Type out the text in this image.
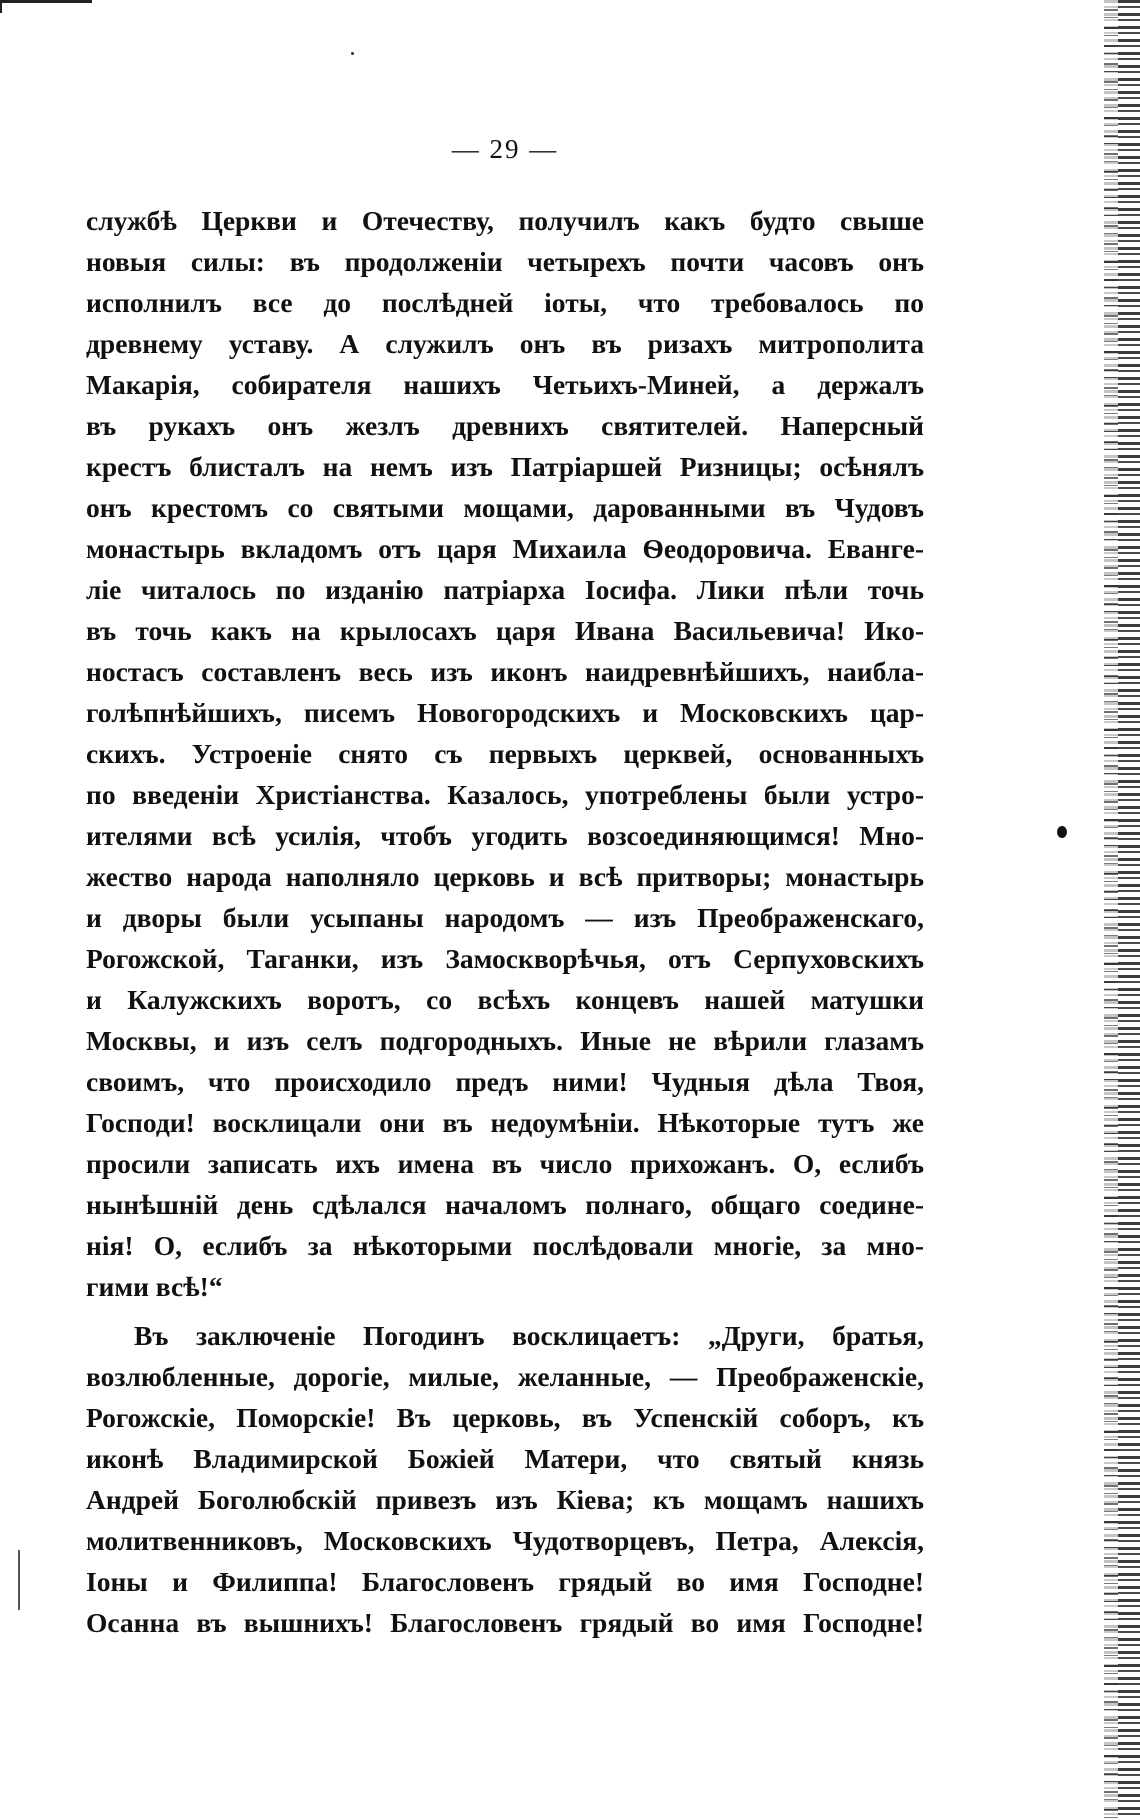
— 29 —
службѣ Церкви и Отечеству, получилъ какъ будто свыше
новыя силы: въ продолженіи четырехъ почти часовъ онъ
исполнилъ все до послѣдней іоты, что требовалось по
древнему уставу. А служилъ онъ въ ризахъ митрополита
Макарія, собирателя нашихъ Четьихъ-Миней, а держалъ
въ рукахъ онъ жезлъ древнихъ святителей. Наперсный
крестъ блисталъ на немъ изъ Патріаршей Ризницы; осѣнялъ
онъ крестомъ со святыми мощами, дарованными въ Чудовъ
монастырь вкладомъ отъ царя Михаила Ѳеодоровича. Еванге-
ліе читалось по изданію патріарха Іосифа. Лики пѣли точь
въ точь какъ на крылосахъ царя Ивана Васильевича! Ико-
ностасъ составленъ весь изъ иконъ наидревнѣйшихъ, наибла-
голѣпнѣйшихъ, писемъ Новогородскихъ и Московскихъ цар-
скихъ. Устроеніе снято съ первыхъ церквей, основанныхъ
по введеніи Христіанства. Казалось, употреблены были устро-
ителями всѣ усилія, чтобъ угодить возсоединяющимся! Мно-
жество народа наполняло церковь и всѣ притворы; монастырь
и дворы были усыпаны народомъ — изъ Преображенскаго,
Рогожской, Таганки, изъ Замоскворѣчья, отъ Серпуховскихъ
и Калужскихъ воротъ, со всѣхъ концевъ нашей матушки
Москвы, и изъ селъ подгородныхъ. Иные не вѣрили глазамъ
своимъ, что происходило предъ ними! Чудныя дѣла Твоя,
Господи! восклицали они въ недоумѣніи. Нѣкоторые тутъ же
просили записать ихъ имена въ число прихожанъ. О, еслибъ
нынѣшній день сдѣлался началомъ полнаго, общаго соедине-
нія! О, еслибъ за нѣкоторыми послѣдовали многіе, за мно-
гими всѣ!“
Въ заключеніе Погодинъ восклицаетъ: „Други, братья,
возлюбленные, дорогіе, милые, желанные, — Преображенскіе,
Рогожскіе, Поморскіе! Въ церковь, въ Успенскій соборъ, къ
иконѣ Владимирской Божіей Матери, что святый князь
Андрей Боголюбскій привезъ изъ Кіева; къ мощамъ нашихъ
молитвенниковъ, Московскихъ Чудотворцевъ, Петра, Алексія,
Іоны и Филиппа! Благословенъ грядый во имя Господне!
Осанна въ вышнихъ! Благословенъ грядый во имя Господне!
